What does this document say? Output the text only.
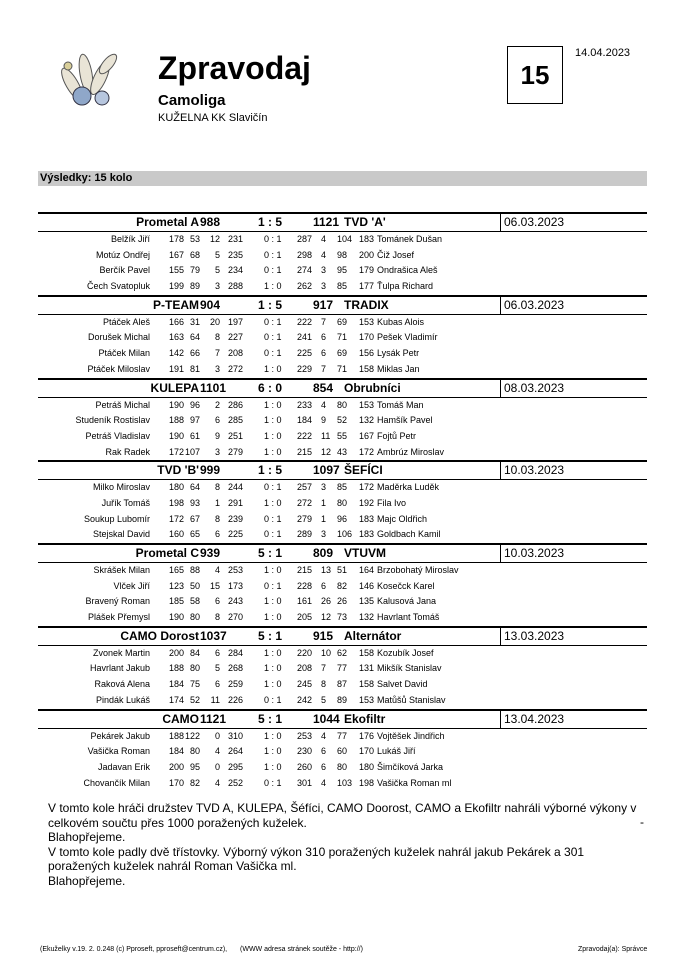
Zpravodaj
Camoliga
KUŽELNA KK Slavičín
15
14.04.2023
Výsledky: 15 kolo
Prometal A 988	1 : 5	1121 TVD 'A'	06.03.2023
Belžík Jiří 178 53 12 231 0 : 1 287 4 104 183 Tománek Dušan
Motúz Ondřej 167 68 5 235 0 : 1 298 4 98 200 Čiž Josef
Berčík Pavel 155 79 5 234 0 : 1 274 3 95 179 Ondrašica Aleš
Čech Svatopluk 199 89 3 288 1 : 0 262 3 85 177 Ťulpa Richard
P-TEAM 904	1 : 5	917 TRADIX	06.03.2023
Ptáček Aleš 166 31 20 197 0 : 1 222 7 69 153 Kubas Alois
Dorušek Michal 163 64 8 227 0 : 1 241 6 71 170 Pešek Vladimír
Ptáček Milan 142 66 7 208 0 : 1 225 6 69 156 Lysák Petr
Ptáček Miloslav 191 81 3 272 1 : 0 229 7 71 158 Miklas Jan
KULEPA 1101	6 : 0	854 Obrubníci	08.03.2023
Petráš Michal 190 96 2 286 1 : 0 233 4 80 153 Tomáš Man
Studeník Rostislav 188 97 6 285 1 : 0 184 9 52 132 Hamšík Pavel
Petráš Vladislav 190 61 9 251 1 : 0 222 11 55 167 Fojtů Petr
Rak Radek 172 107 3 279 1 : 0 215 12 43 172 Ambrúz Miroslav
TVD 'B' 999	1 : 5	1097 ŠEFÍCI	10.03.2023
Milko Miroslav 180 64 8 244 0 : 1 257 3 85 172 Maděrka Luděk
Juřík Tomáš 198 93 1 291 1 : 0 272 1 80 192 Fila Ivo
Soukup Lubomír 172 67 8 239 0 : 1 279 1 96 183 Majc Oldřich
Stejskal David 160 65 6 225 0 : 1 289 3 106 183 Goldbach Kamil
Prometal C 939	5 : 1	809 VTUVM	10.03.2023
Skrášek Milan 165 88 4 253 1 : 0 215 13 51 164 Brzobohatý Miroslav
Vlček Jiří 123 50 15 173 0 : 1 228 6 82 146 Kosečck Karel
Bravený Roman 185 58 6 243 1 : 0 161 26 26 135 Kalusová Jana
Plášek Přemysl 190 80 8 270 1 : 0 205 12 73 132 Havrlant Tomáš
CAMO Dorost 1037	5 : 1	915 Alternátor	13.03.2023
Zvonek Martin 200 84 6 284 1 : 0 220 10 62 158 Kozubík Josef
Havrlant Jakub 188 80 5 268 1 : 0 208 7 77 131 Mikšík Stanislav
Raková Alena 184 75 6 259 1 : 0 245 8 87 158 Salvet David
Pindák Lukáš 174 52 11 226 0 : 1 242 5 89 153 Matůšů Stanislav
CAMO 1121	5 : 1	1044 Ekofiltr	13.04.2023
Pekárek Jakub 188 122 0 310 1 : 0 253 4 77 176 Vojtěšek Jindřich
Vašička Roman 184 80 4 264 1 : 0 230 6 60 170 Lukáš Jiří
Jadavan Erik 200 95 0 295 1 : 0 260 6 80 180 Šimčíková Jarka
Chovančík Milan 170 82 4 252 0 : 1 301 4 103 198 Vašička Roman ml
V tomto kole hráči družstev TVD A, KULEPA, Šéfíci, CAMO Doorost, CAMO a Ekofiltr nahráli výborné výkony v celkovém součtu přes 1000 poražených kuželek.
Blahopřejeme.
V tomto kole padly dvě třístovky. Výborný výkon 310 poražených kuželek nahrál jakub Pekárek a 301 poražených kuželek nahrál Roman Vašička ml.
Blahopřejeme.
-
(Ekuželky v.19. 2. 0.248 (c) Pproseft, pproseft@centrum.cz), (WWW adresa stránek soutěže - http://)	Zpravodaj(a): Správce
